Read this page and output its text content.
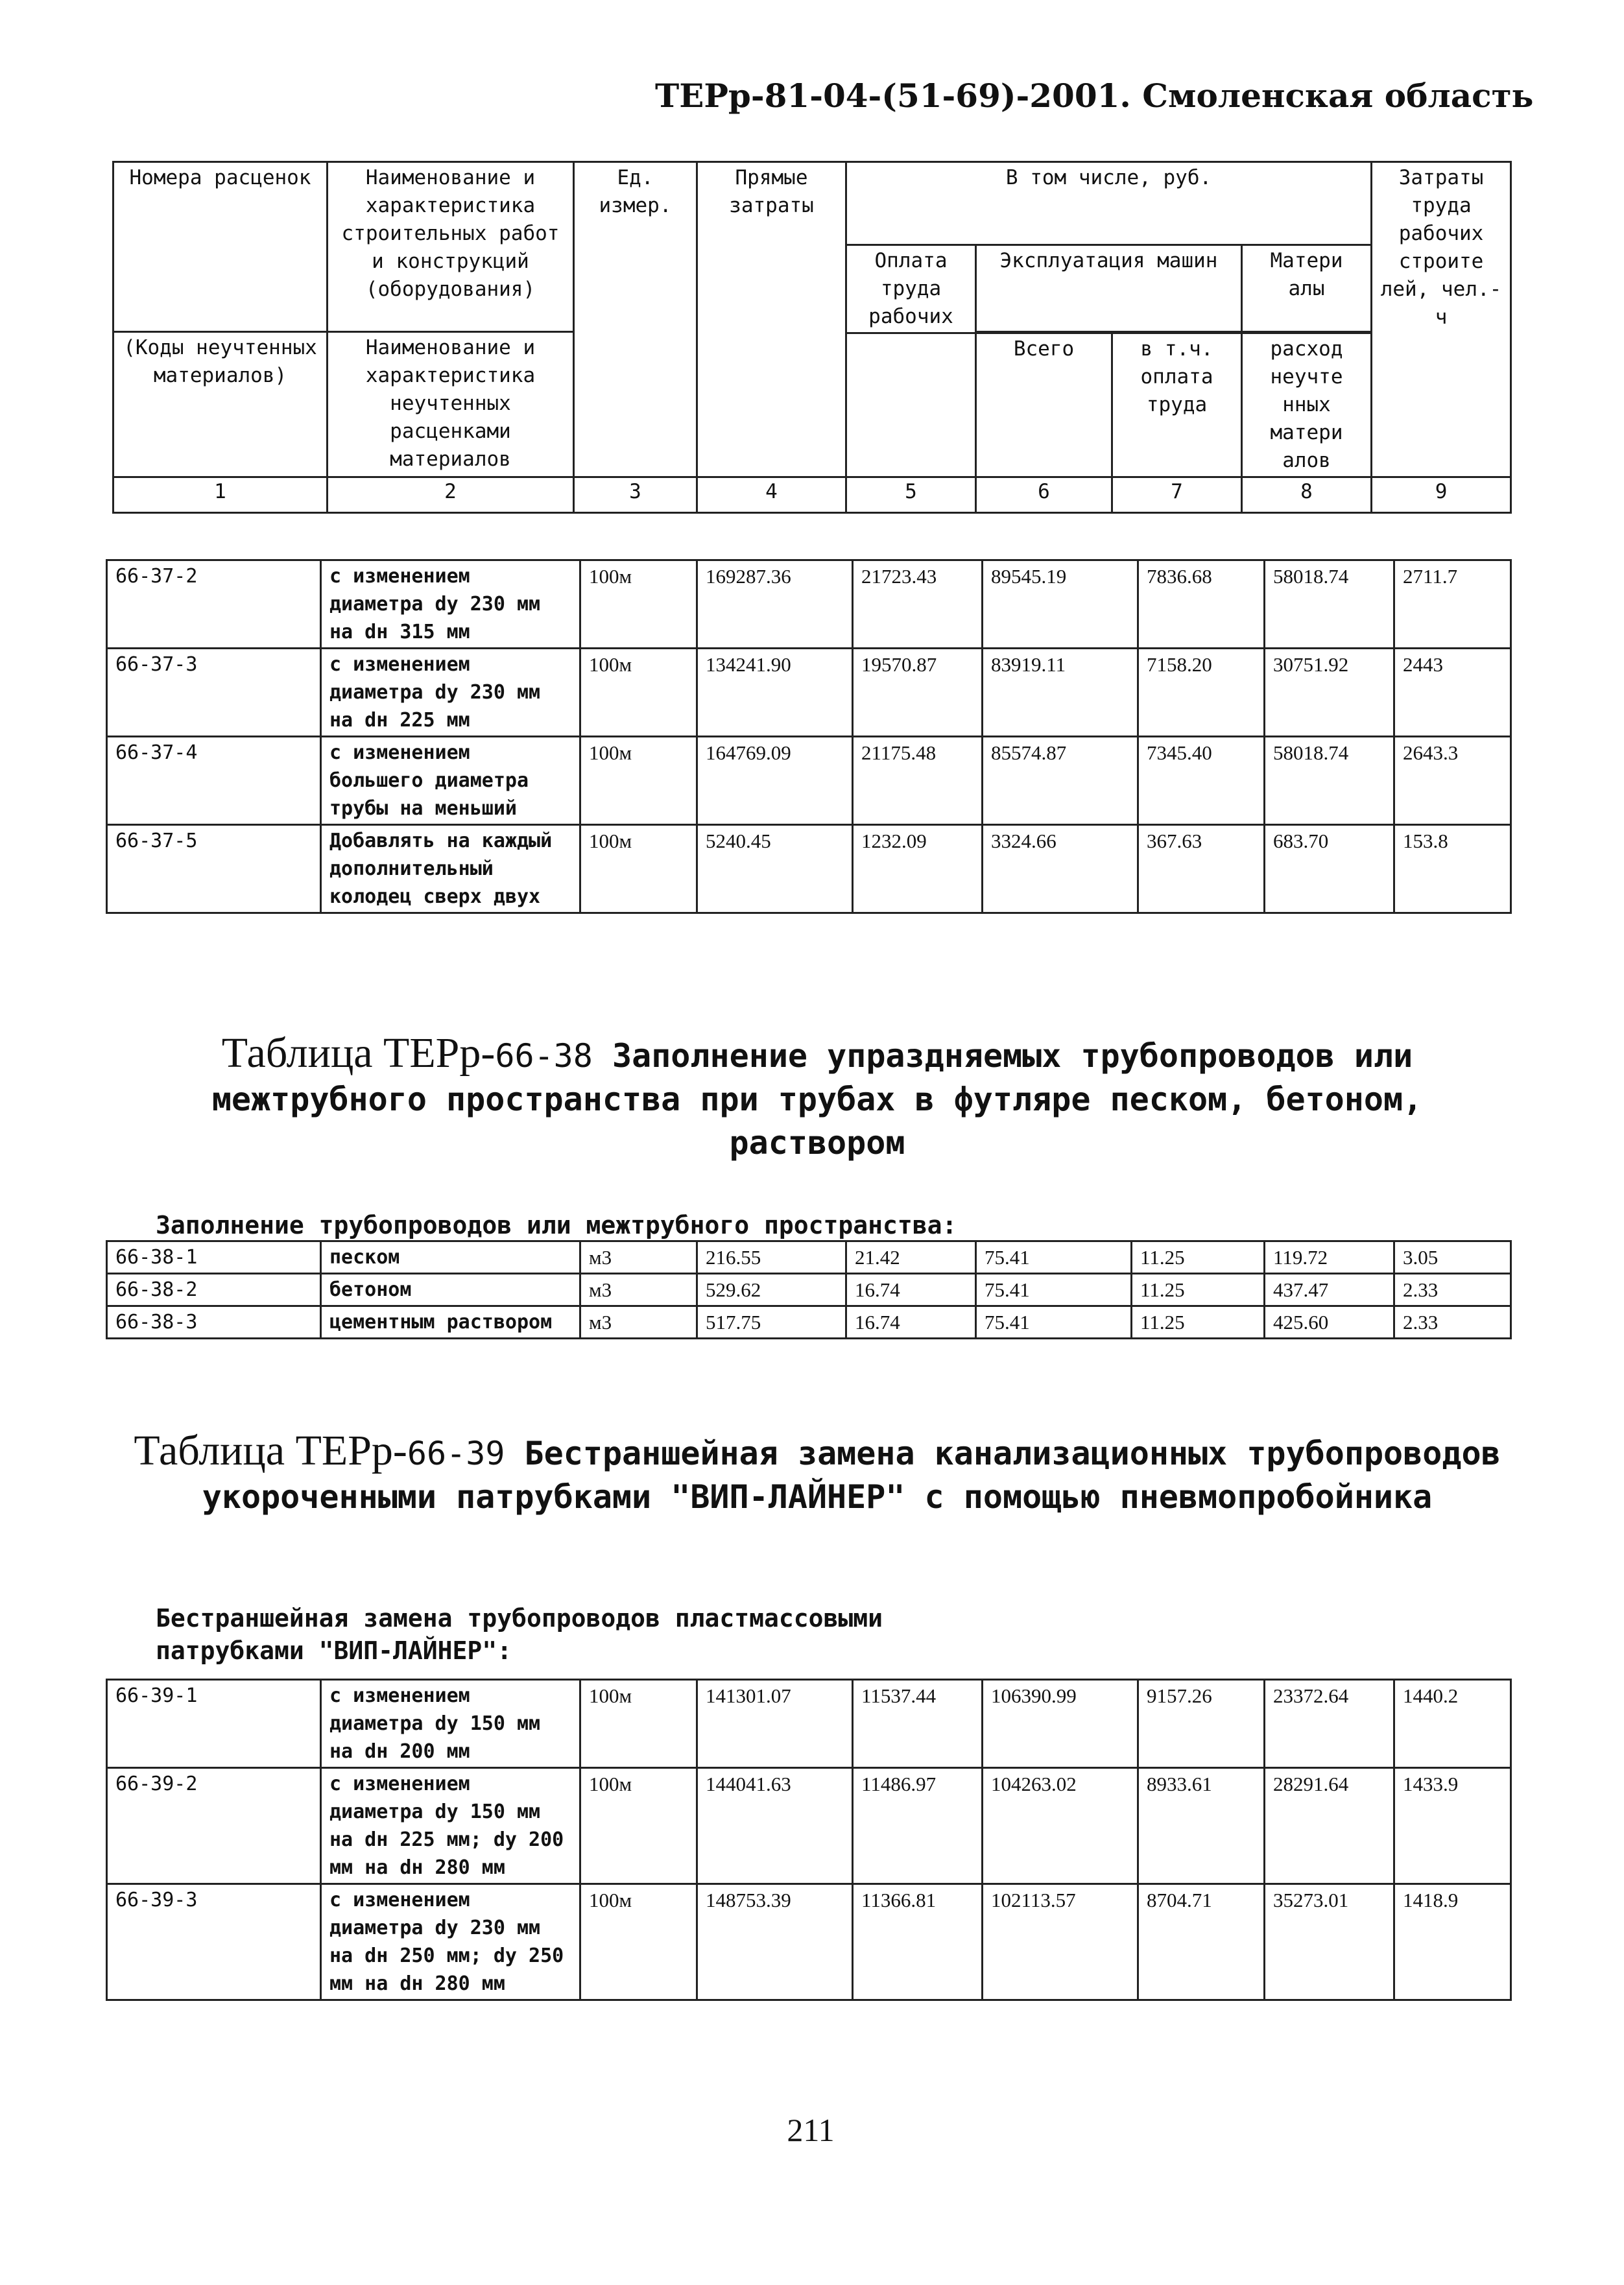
ТЕРр-81-04-(51-69)-2001. Смоленская область
Номера расценок	Наименование и характеристика строительных работ и конструкций (оборудования)	Ед. измер.	Прямые затраты	В том числе, руб.				Затраты труда рабочих строите лей, чел.-ч
				Оплата труда рабочих	Эксплуатация машин		Матери алы	
(Коды неучтенных материалов)	Наименование и характеристика неучтенных расценками материалов							
					Всего	в т.ч. оплата труда	расход неучте нных матери алов	
1	2	3	4	5	6	7	8	9
66-37-2	с изменением диаметра dy 230 мм на dн 315 мм	100м	169287.36	21723.43	89545.19	7836.68	58018.74	2711.7
66-37-3	с изменением диаметра dy 230 мм на dн 225 мм	100м	134241.90	19570.87	83919.11	7158.20	30751.92	2443
66-37-4	с изменением большего диаметра трубы на меньший	100м	164769.09	21175.48	85574.87	7345.40	58018.74	2643.3
66-37-5	Добавлять на каждый дополнительный колодец сверх двух	100м	5240.45	1232.09	3324.66	367.63	683.70	153.8
Таблица ТЕРр-66-38 Заполнение упраздняемых трубопроводов или межтрубного пространства при трубах в футляре песком, бетоном, раствором
Заполнение трубопроводов или межтрубного пространства:
66-38-1	песком	м3	216.55	21.42	75.41	11.25	119.72	3.05
66-38-2	бетоном	м3	529.62	16.74	75.41	11.25	437.47	2.33
66-38-3	цементным раствором	м3	517.75	16.74	75.41	11.25	425.60	2.33
Таблица ТЕРр-66-39 Бестраншейная замена канализационных трубопроводов укороченными патрубками "ВИП-ЛАЙНЕР" с помощью пневмопробойника
Бестраншейная замена трубопроводов пластмассовыми
патрубками "ВИП-ЛАЙНЕР":
66-39-1	с изменением диаметра dy 150 мм на dн 200 мм	100м	141301.07	11537.44	106390.99	9157.26	23372.64	1440.2
66-39-2	с изменением диаметра dy 150 мм на dн 225 мм; dy 200 мм на dн 280 мм	100м	144041.63	11486.97	104263.02	8933.61	28291.64	1433.9
66-39-3	с изменением диаметра dy 230 мм на dн 250 мм; dy 250 мм на dн 280 мм	100м	148753.39	11366.81	102113.57	8704.71	35273.01	1418.9
211
